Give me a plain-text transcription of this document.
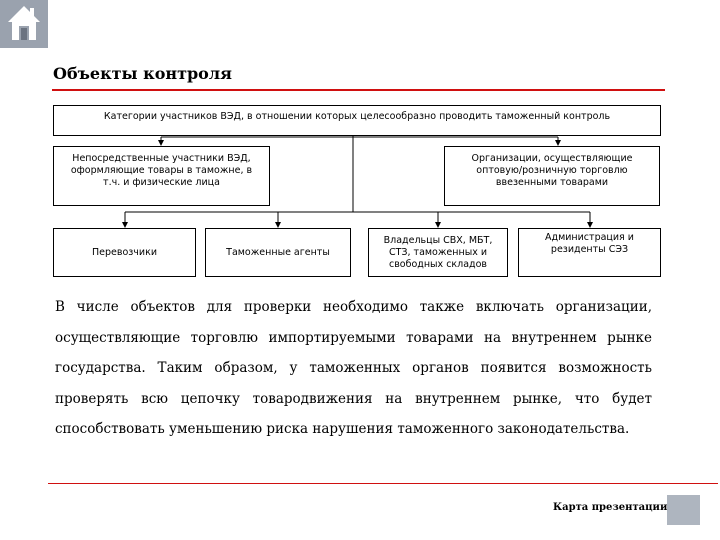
Объекты контроля
Категории участников ВЭД, в отношении которых целесообразно проводить таможенный контроль
Непосредственные участники ВЭД,
оформляющие товары в таможне, в
т.ч. и физические лица
Организации, осуществляющие
оптовую/розничную торговлю
ввезенными товарами
Перевозчики	Таможенные агенты
Владельцы СВХ, МБТ,
СТЗ, таможенных и
свободных складов
Администрация и
резиденты СЭЗ
В числе объектов для проверки необходимо также включать организации, осуществляющие торговлю импортируемыми товарами на внутреннем рынке государства. Таким образом, у таможенных органов появится возможность проверять всю цепочку товародвижения на внутреннем рынке, что будет способствовать уменьшению риска нарушения таможенного законодательства.
Карта презентации
